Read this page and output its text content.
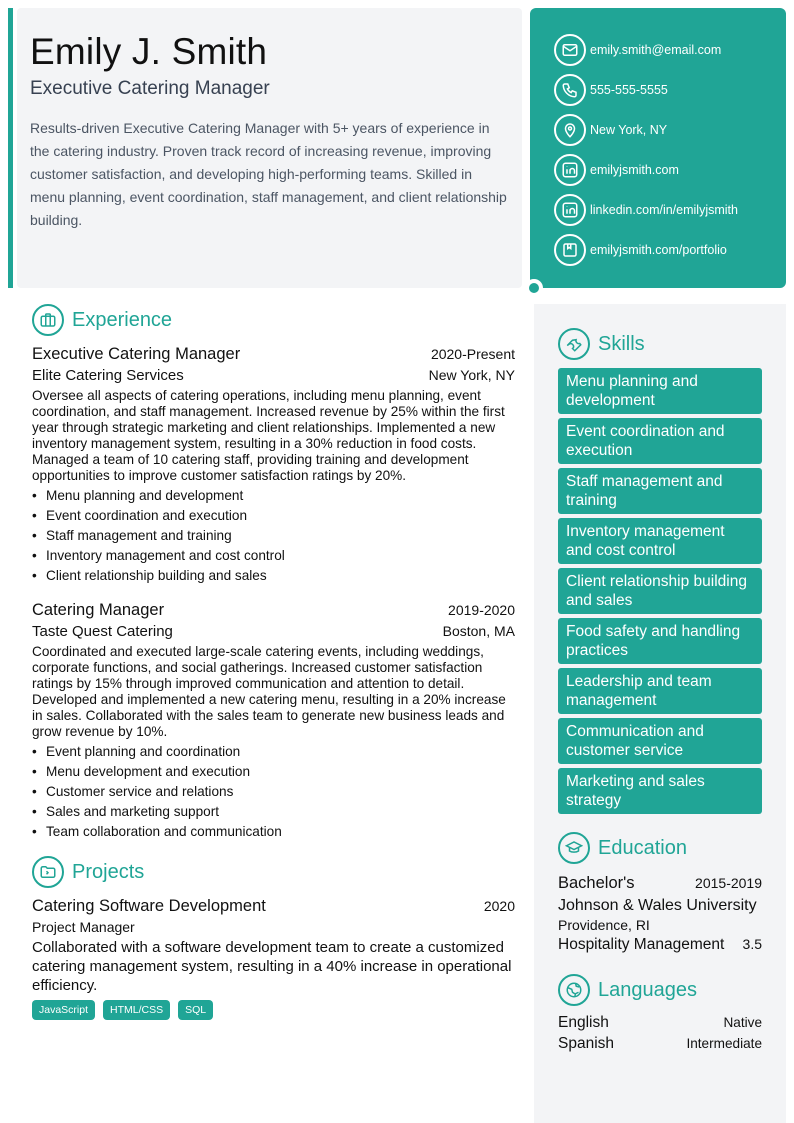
Emily J. Smith
Executive Catering Manager

Results-driven Executive Catering Manager with 5+ years of experience in the catering industry. Proven track record of increasing revenue, improving customer satisfaction, and developing high-performing teams. Skilled in menu planning, event coordination, staff management, and client relationship building.

emily.smith@email.com
555-555-5555
New York, NY
emilyjsmith.com
linkedin.com/in/emilyjsmith
emilyjsmith.com/portfolio
Experience
Executive Catering Manager	2020-Present
Elite Catering Services	New York, NY

Oversee all aspects of catering operations, including menu planning, event coordination, and staff management. Increased revenue by 25% within the first year through strategic marketing and client relationships. Implemented a new inventory management system, resulting in a 30% reduction in food costs. Managed a team of 10 catering staff, providing training and development opportunities to improve customer satisfaction ratings by 20%.

• Menu planning and development
• Event coordination and execution
• Staff management and training
• Inventory management and cost control
• Client relationship building and sales
Catering Manager	2019-2020
Taste Quest Catering	Boston, MA

Coordinated and executed large-scale catering events, including weddings, corporate functions, and social gatherings. Increased customer satisfaction ratings by 15% through improved communication and attention to detail. Developed and implemented a new catering menu, resulting in a 20% increase in sales. Collaborated with the sales team to generate new business leads and grow revenue by 10%.

• Event planning and coordination
• Menu development and execution
• Customer service and relations
• Sales and marketing support
• Team collaboration and communication
Projects
Catering Software Development	2020
Project Manager

Collaborated with a software development team to create a customized catering management system, resulting in a 40% increase in operational efficiency.

JavaScript	HTML/CSS	SQL
Skills
Menu planning and development
Event coordination and execution
Staff management and training
Inventory management and cost control
Client relationship building and sales
Food safety and handling practices
Leadership and team management
Communication and customer service
Marketing and sales strategy
Education
Bachelor's	2015-2019
Johnson & Wales University
Providence, RI
Hospitality Management 3.5
Languages
English	Native
Spanish	Intermediate
